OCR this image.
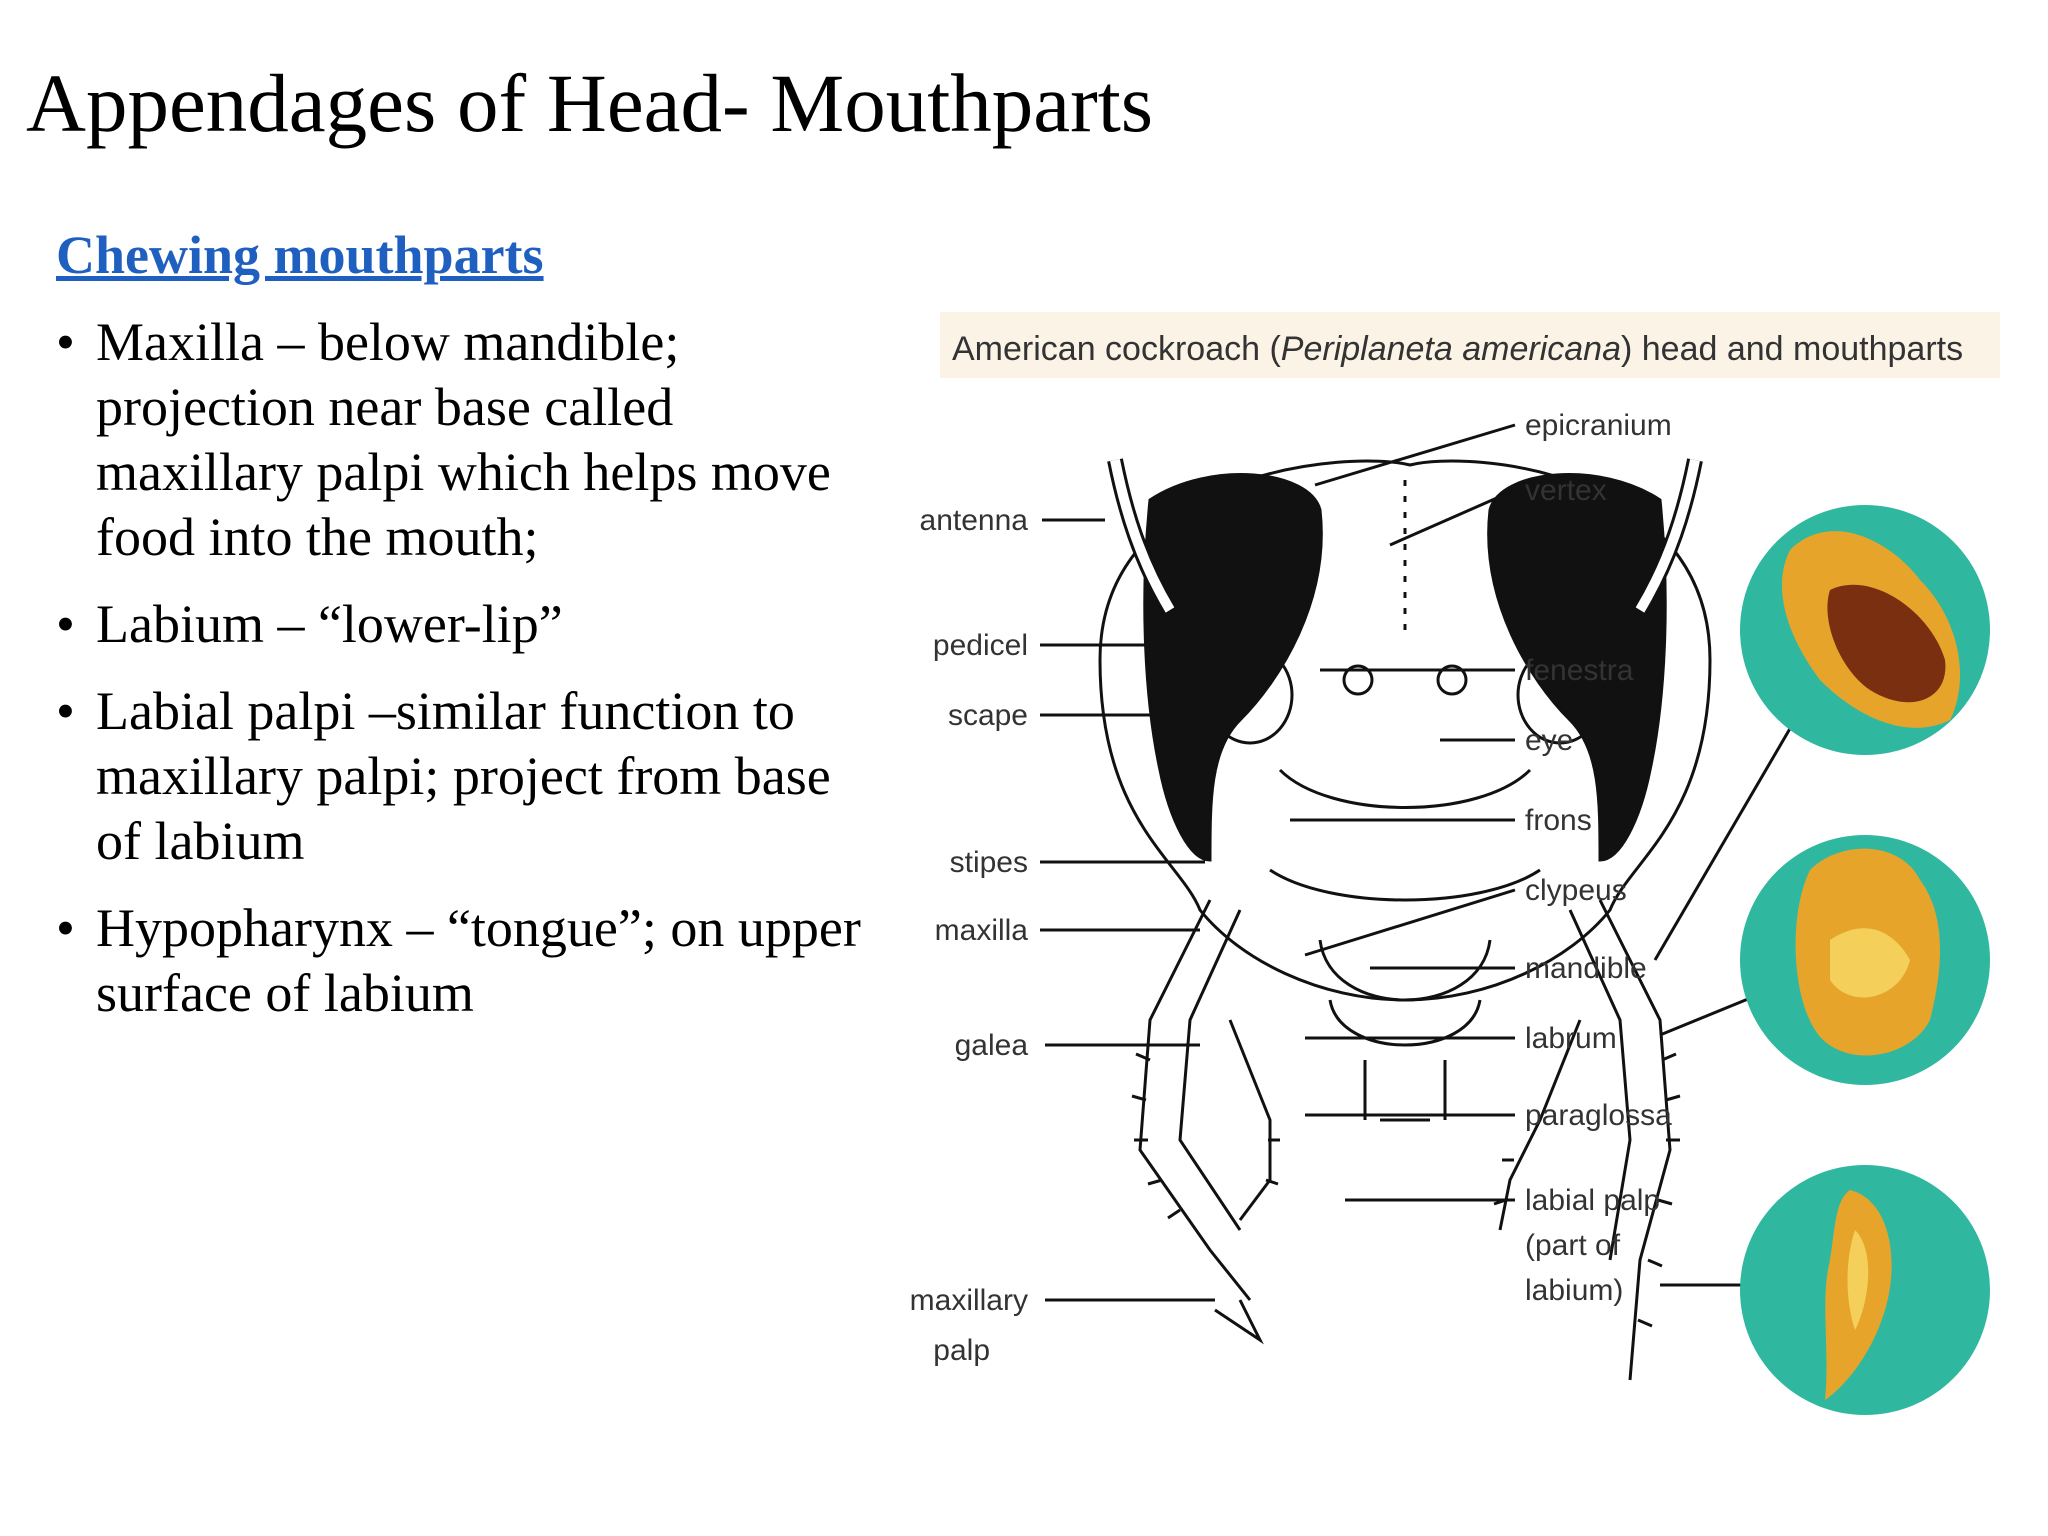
Appendages of Head- Mouthparts
Chewing mouthparts
• Maxilla – below mandible; projection near base called maxillary palpi which helps move food into the mouth;
• Labium – “lower-lip”
• Labial palpi –similar function to maxillary palpi; project from base of labium
• Hypopharynx – “tongue”; on upper surface of labium
American cockroach (Periplaneta americana) head and mouthparts
antenna
pedicel
scape
stipes
maxilla
galea
maxillary
palp
epicranium
vertex
fenestra
eye
frons
clypeus
mandible
labrum
paraglossa
labial palp
(part of
labium)
